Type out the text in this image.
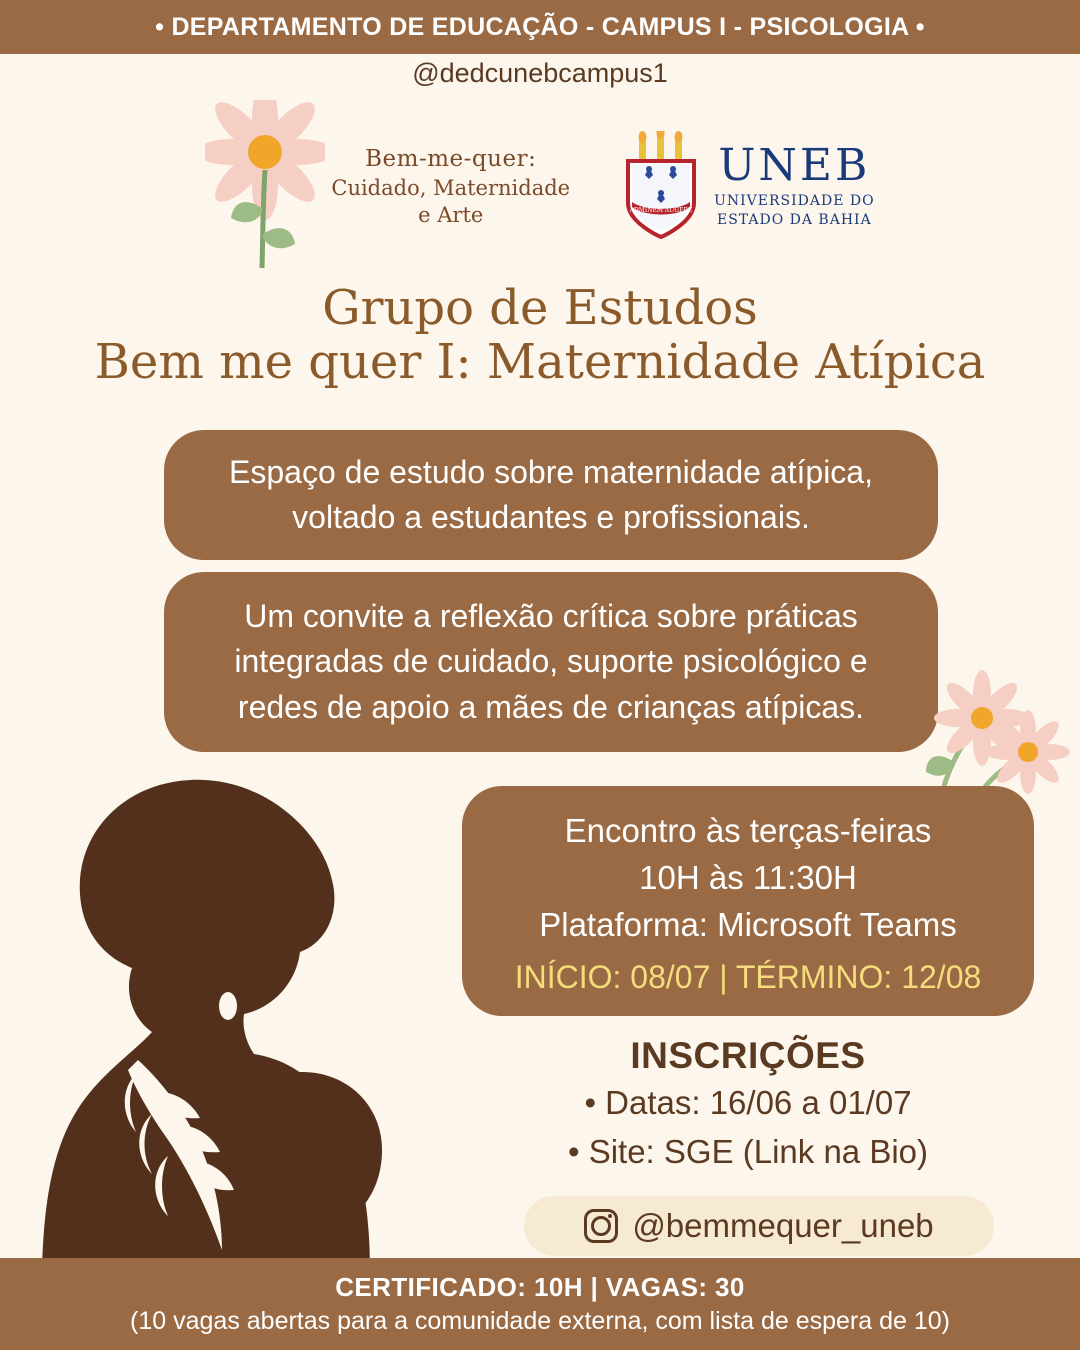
• DEPARTAMENTO DE EDUCAÇÃO - CAMPUS I - PSICOLOGIA •
@dedcunebcampus1
Bem-me-quer:
Cuidado, Maternidade
e Arte	ADMINEM AUGERE
UNEB
UNIVERSIDADE DO
ESTADO DA BAHIA
Grupo de Estudos
Bem me quer I: Maternidade Atípica

Espaço de estudo sobre maternidade atípica,

voltado a estudantes e profissionais.

Um convite a reflexão crítica sobre práticas

integradas de cuidado, suporte psicológico e

redes de apoio a mães de crianças atípicas.

Encontro às terças-feiras

10H às 11:30H

Plataforma: Microsoft Teams

INÍCIO: 08/07 | TÉRMINO: 12/08

INSCRIÇÕES
• Datas: 16/06 a 01/07
• Site: SGE (Link na Bio)
@bemmequer_uneb
CERTIFICADO: 10H | VAGAS: 30
(10 vagas abertas para a comunidade externa, com lista de espera de 10)
